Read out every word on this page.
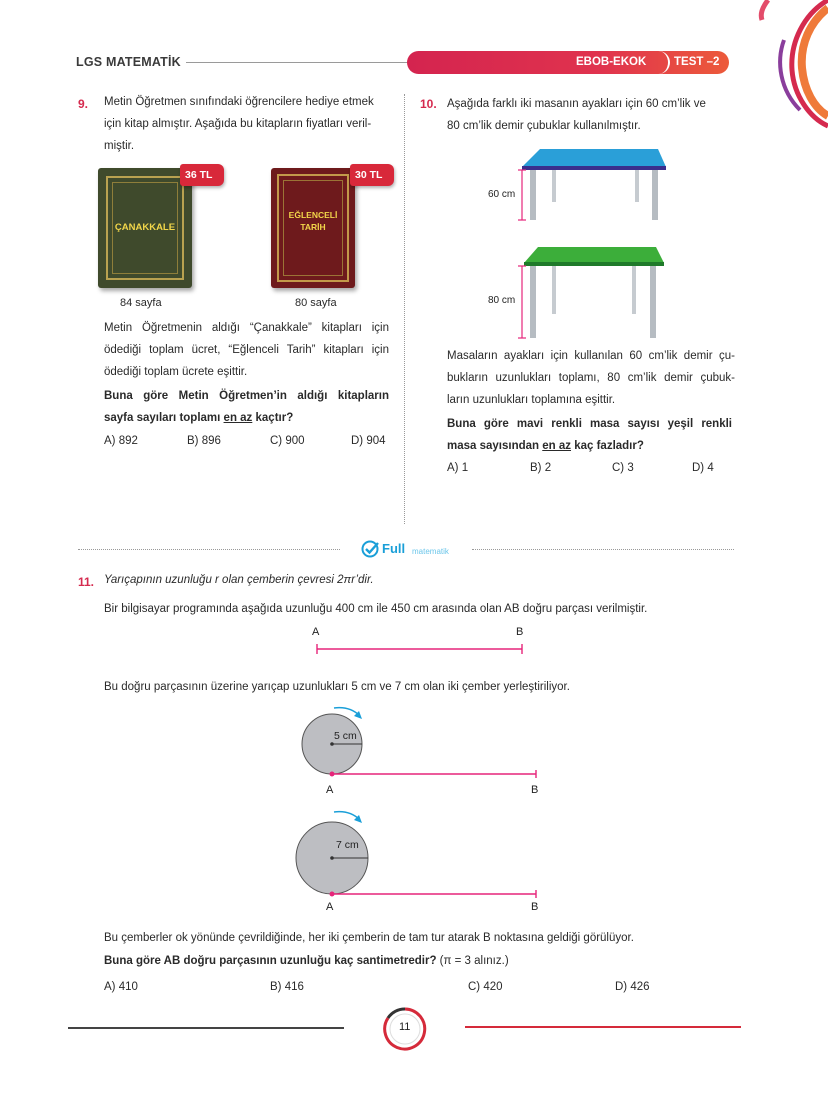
LGS MATEMATİK	EBOB-EKOK TEST –2
9. Metin Öğretmen sınıfındaki öğrencilere hediye etmek
için kitap almıştır. Aşağıda bu kitapların fiyatları veril-
miştir.
ÇANAKKALE
36 TL
84 sayfa
EĞLENCELİ
TARİH
30 TL
80 sayfa
Metin Öğretmenin aldığı “Çanakkale” kitapları için
ödediği toplam ücret, “Eğlenceli Tarih” kitapları için
ödediği toplam ücrete eşittir.
Buna göre Metin Öğretmen’in aldığı kitapların
sayfa sayıları toplamı en az kaçtır?
A) 892	B) 896	C) 900	D) 904
10. Aşağıda farklı iki masanın ayakları için 60 cm’lik ve
80 cm’lik demir çubuklar kullanılmıştır.
60 cm
80 cm
Masaların ayakları için kullanılan 60 cm’lik demir çu-
bukların uzunlukları toplamı, 80 cm’lik demir çubuk-
ların uzunlukları toplamına eşittir.
Buna göre mavi renkli masa sayısı yeşil renkli
masa sayısından en az kaç fazladır?
A) 1	B) 2	C) 3	D) 4
Full matematik
11. Yarıçapının uzunluğu r olan çemberin çevresi 2πr’dir.
Bir bilgisayar programında aşağıda uzunluğu 400 cm ile 450 cm arasında olan AB doğru parçası verilmiştir.
A	B
Bu doğru parçasının üzerine yarıçap uzunlukları 5 cm ve 7 cm olan iki çember yerleştiriliyor.
5 cm
A	B
7 cm
A	B
Bu çemberler ok yönünde çevrildiğinde, her iki çemberin de tam tur atarak B noktasına geldiği görülüyor.
Buna göre AB doğru parçasının uzunluğu kaç santimetredir? (π = 3 alınız.)
A) 410	B) 416	C) 420	D) 426
11
